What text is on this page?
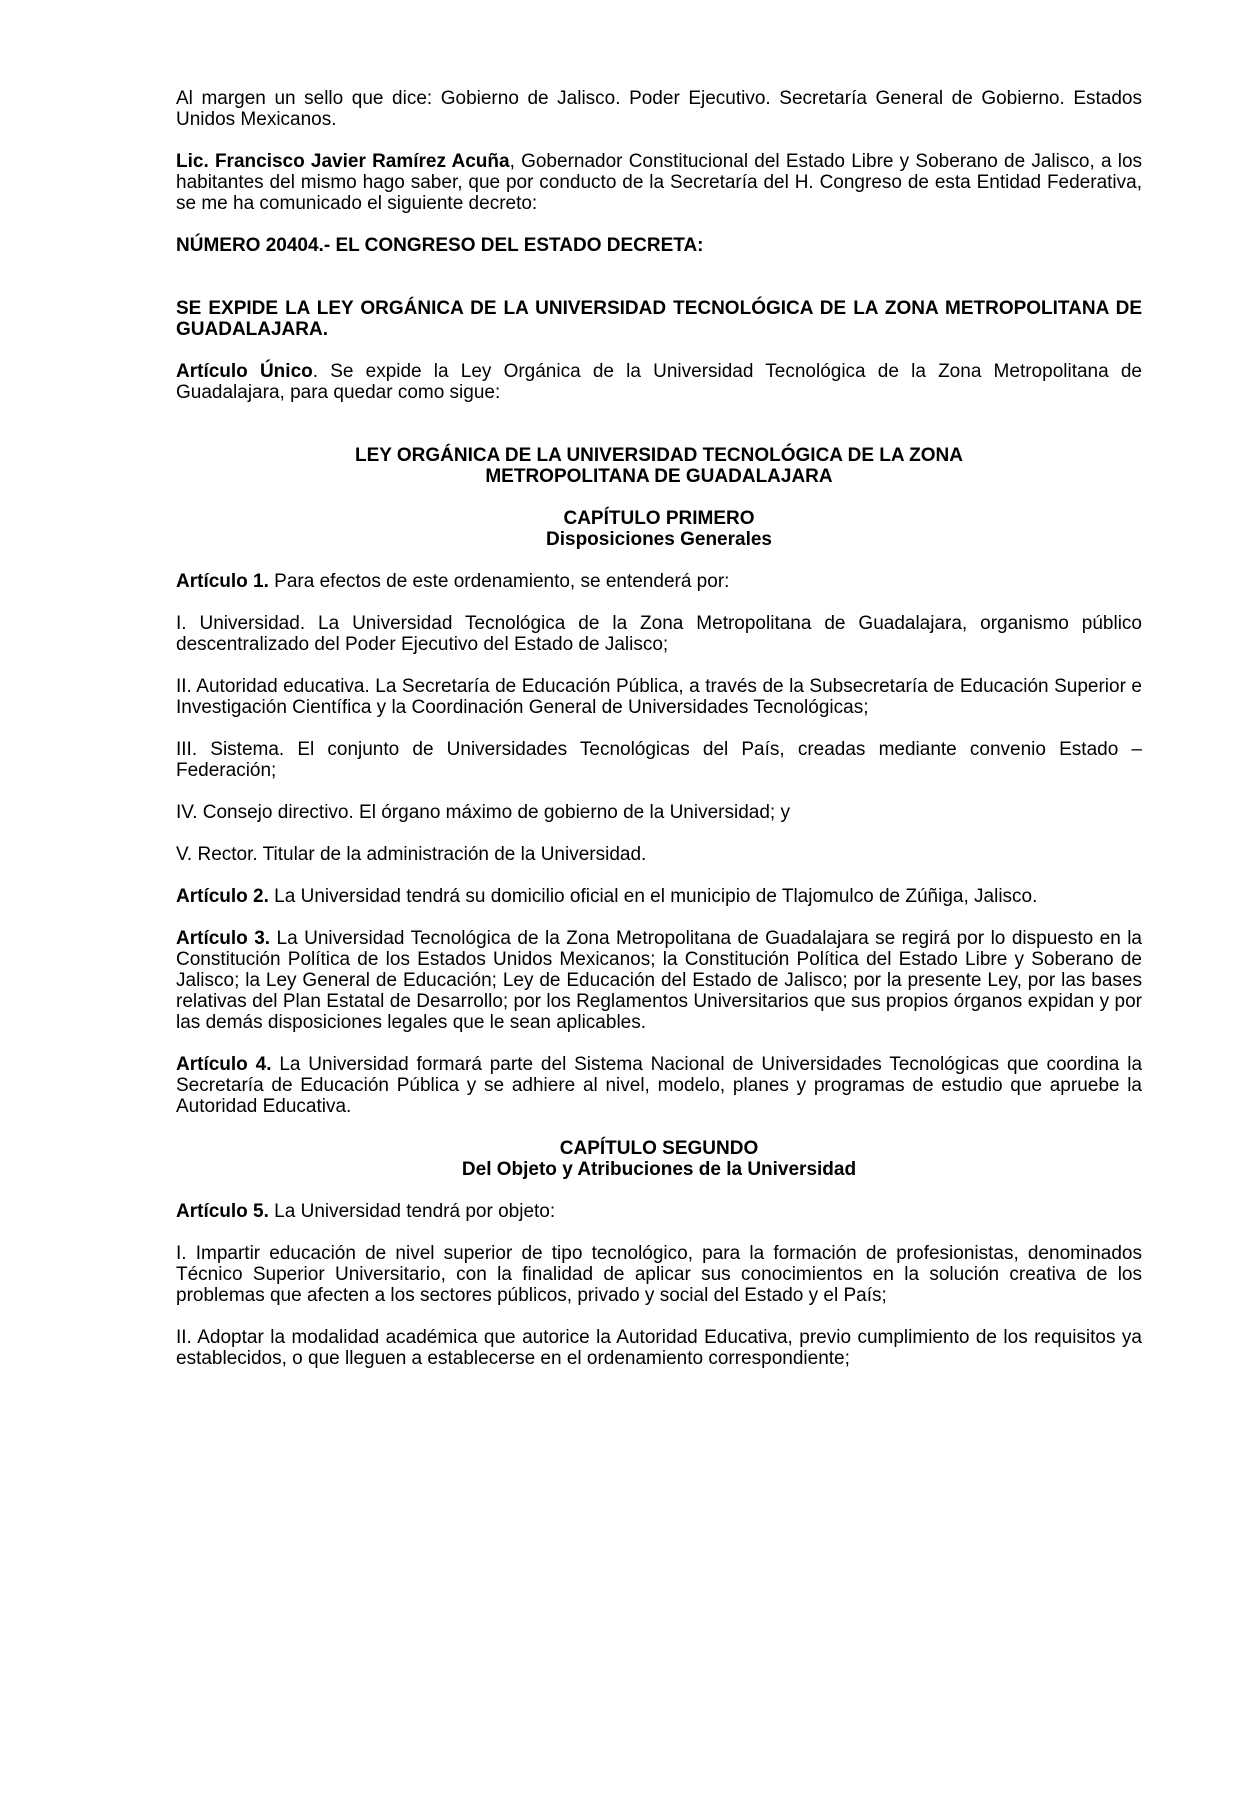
Al margen un sello que dice: Gobierno de Jalisco. Poder Ejecutivo. Secretaría General de Gobierno. Estados Unidos Mexicanos.

Lic. Francisco Javier Ramírez Acuña, Gobernador Constitucional del Estado Libre y Soberano de Jalisco, a los habitantes del mismo hago saber, que por conducto de la Secretaría del H. Congreso de esta Entidad Federativa, se me ha comunicado el siguiente decreto:

NÚMERO 20404.- EL CONGRESO DEL ESTADO DECRETA:

SE EXPIDE LA LEY ORGÁNICA DE LA UNIVERSIDAD TECNOLÓGICA DE LA ZONA METROPOLITANA DE GUADALAJARA.

Artículo Único. Se expide la Ley Orgánica de la Universidad Tecnológica de la Zona Metropolitana de Guadalajara, para quedar como sigue:

LEY ORGÁNICA DE LA UNIVERSIDAD TECNOLÓGICA DE LA ZONA
METROPOLITANA DE GUADALAJARA
CAPÍTULO PRIMERO
Disposiciones Generales

Artículo 1. Para efectos de este ordenamiento, se entenderá por:

I. Universidad. La Universidad Tecnológica de la Zona Metropolitana de Guadalajara, organismo público descentralizado del Poder Ejecutivo del Estado de Jalisco;

II. Autoridad educativa. La Secretaría de Educación Pública, a través de la Subsecretaría de Educación Superior e Investigación Científica y la Coordinación General de Universidades Tecnológicas;

III. Sistema. El conjunto de Universidades Tecnológicas del País, creadas mediante convenio Estado – Federación;

IV. Consejo directivo. El órgano máximo de gobierno de la Universidad; y

V. Rector. Titular de la administración de la Universidad.

Artículo 2. La Universidad tendrá su domicilio oficial en el municipio de Tlajomulco de Zúñiga, Jalisco.

Artículo 3. La Universidad Tecnológica de la Zona Metropolitana de Guadalajara se regirá por lo dispuesto en la Constitución Política de los Estados Unidos Mexicanos; la Constitución Política del Estado Libre y Soberano de Jalisco; la Ley General de Educación; Ley de Educación del Estado de Jalisco; por la presente Ley, por las bases relativas del Plan Estatal de Desarrollo; por los Reglamentos Universitarios que sus propios órganos expidan y por las demás disposiciones legales que le sean aplicables.

Artículo 4. La Universidad formará parte del Sistema Nacional de Universidades Tecnológicas que coordina la Secretaría de Educación Pública y se adhiere al nivel, modelo, planes y programas de estudio que apruebe la Autoridad Educativa.

CAPÍTULO SEGUNDO
Del Objeto y Atribuciones de la Universidad

Artículo 5. La Universidad tendrá por objeto:

I. Impartir educación de nivel superior de tipo tecnológico, para la formación de profesionistas, denominados Técnico Superior Universitario, con la finalidad de aplicar sus conocimientos en la solución creativa de los problemas que afecten a los sectores públicos, privado y social del Estado y el País;

II. Adoptar la modalidad académica que autorice la Autoridad Educativa, previo cumplimiento de los requisitos ya establecidos, o que lleguen a establecerse en el ordenamiento correspondiente;
